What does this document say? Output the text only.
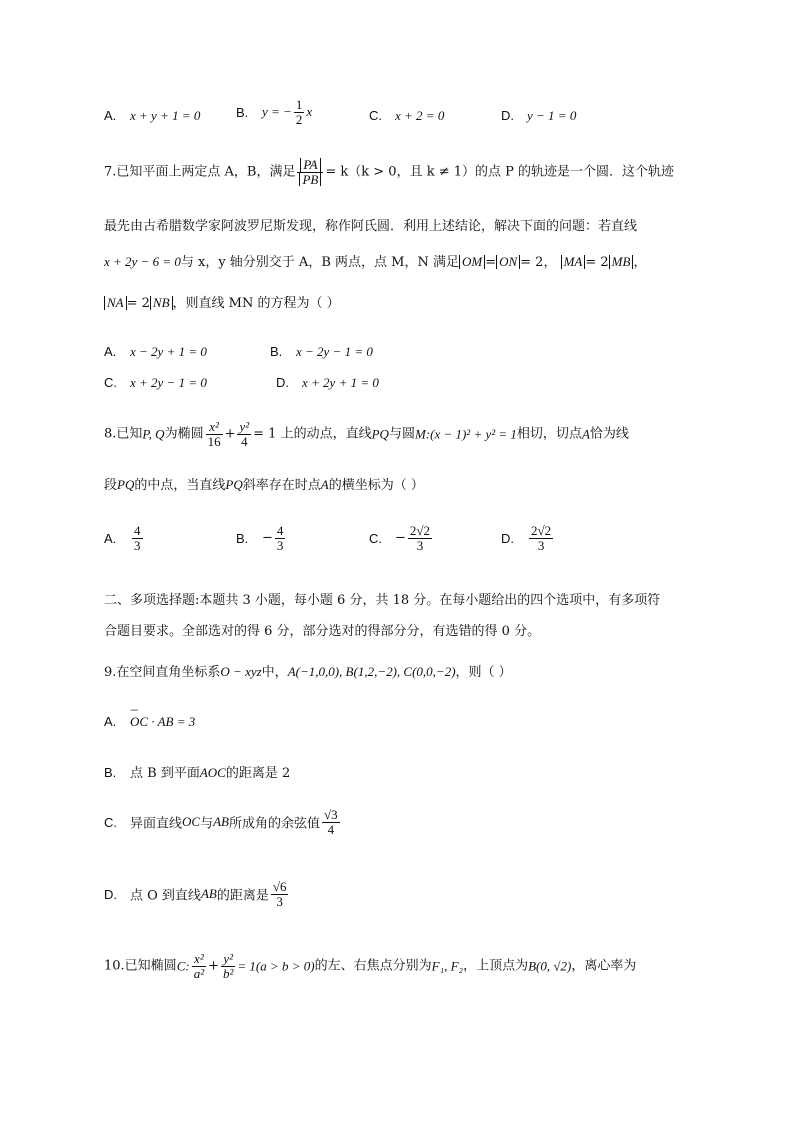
A. x + y + 1 = 0	B. y = − $\frac{1}{2}$ x	C. x + 2 = 0	D. y − 1 = 0
7.已知平面上两定点 A，B，满足 $\frac{PA}{PB} = k(k > 0$，且 k ≠ 1）的点 P 的轨迹是一个圆．这个轨迹
最先由古希腊数学家阿波罗尼斯发现，称作阿氏圆．利用上述结论，解决下面的问题：若直线
x + 2y − 6 = 0与 x，y 轴分别交于 A，B 两点，点 M，N 满足 OM = ON = 2， MA = 2 MB ，
NA = 2 NB ，则直线 MN 的方程为（ ）
A. x − 2y + 1 = 0	B. x − 2y − 1 = 0
C. x + 2y − 1 = 0	D. x + 2y + 1 = 0
8.已知P, Q为椭圆 $\frac{\text{x²}}{16} + \frac{\text{y²}}{4} = 1$ 上的动点，直线PQ与圆M:(x − 1)² + y² = 1相切，切点A恰为线
段PQ的中点，当直线PQ斜率存在时点A的横坐标为（ ）
A. $\frac{4}{3}$	B. − $\frac{4}{3}$	C. − $\frac{2√2}{3}$	D. $\frac{2√2}{3}$
二、多项选择题:本题共 3 小题，每小题 6 分，共 18 分。在每小题给出的四个选项中，有多项符
合题目要求。全部选对的得 6 分，部分选对的得部分分，有选错的得 0 分。
9.在空间直角坐标系O − xyz中，A(−1,0,0), B(1,2,−2), C(0,0,−2)，则（ ）
A.⌣⌣ OC · AB = 3
B. 点 B 到平面AOC的距离是 2
C. 异面直线OC与AB所成角的余弦值 $\frac{√3}{4}$
D. 点 O 到直线AB的距离是 $\frac{√6}{3}$
10.已知椭圆C: $\frac{\text{x²}}{\text{a²}} + \frac{\text{y²}}{\text{b²}} = 1(a > b > 0)$的左、右焦点分别为F₁, F₂，上顶点为B(0, √2)，离心率为
